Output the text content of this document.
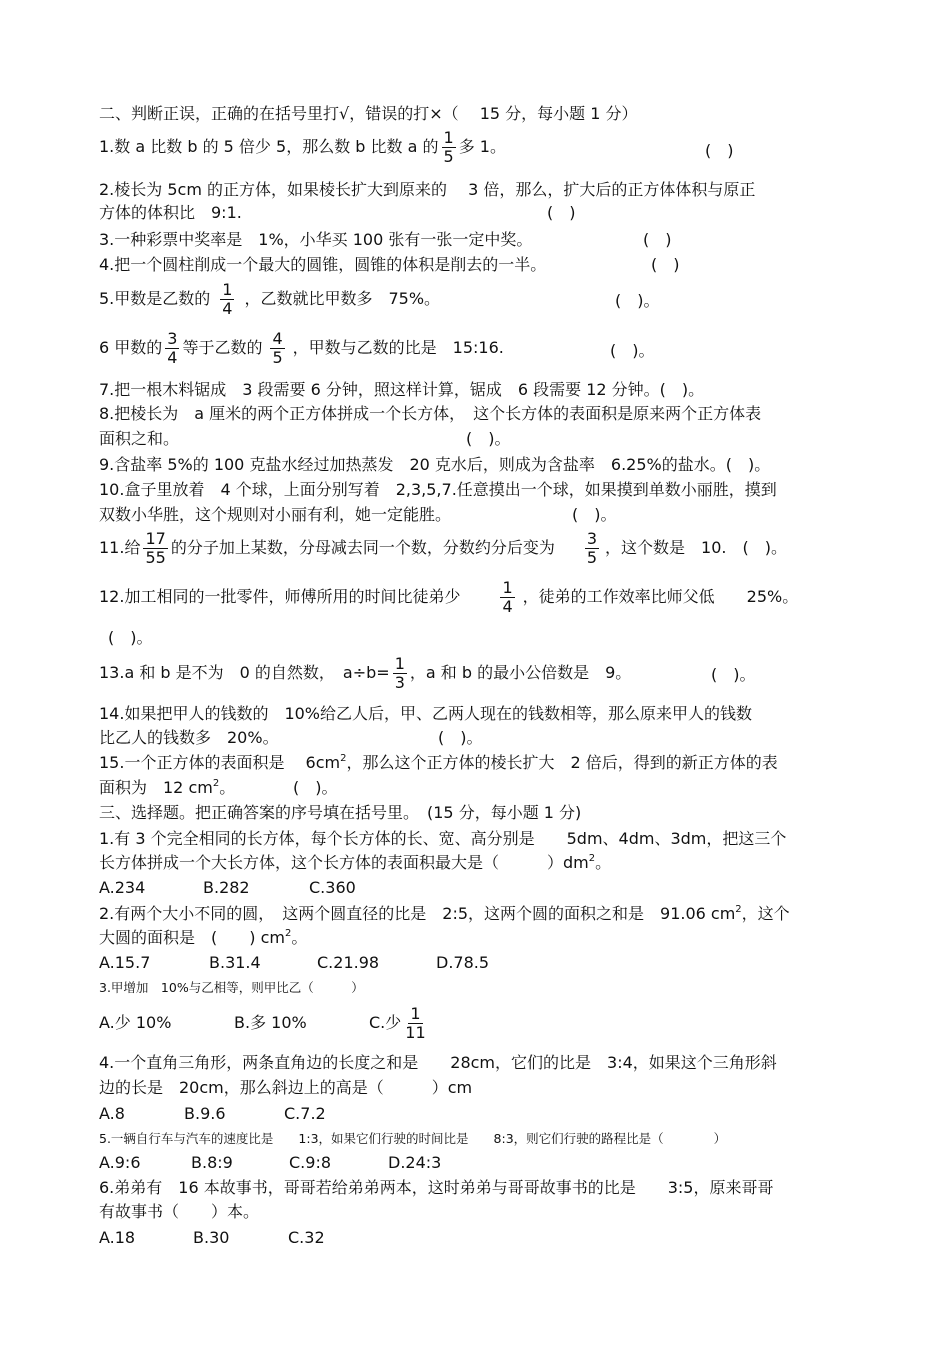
二、判断正误，正确的在括号里打√，错误的打×（　 15 分，每小题 1 分）
1.数 a 比数 b 的 5 倍少 5，那么数 b 比数 a 的 $\frac{1}{5}$ 多 1。	(　)
2.棱长为 5cm 的正方体，如果棱长扩大到原来的　 3 倍，那么，扩大后的正方体体积与原正
方体的体积比　9:1.	(　)
3.一种彩票中奖率是　1%，小华买 100 张有一张一定中奖。	(　)
4.把一个圆柱削成一个最大的圆锥，圆锥的体积是削去的一半。	(　)
5.甲数是乙数的 $\frac{1}{4}$ ，乙数就比甲数多　75%。	(　)。
6 甲数的 $\frac{3}{4}$ 等于乙数的 $\frac{4}{5}$ ，甲数与乙数的比是　15:16.	(　)。
7.把一根木料锯成　3 段需要 6 分钟，照这样计算，锯成　6 段需要 12 分钟。(　)。
8.把棱长为　a 厘米的两个正方体拼成一个长方体，　这个长方体的表面积是原来两个正方体表
面积之和。	(　)。
9.含盐率 5%的 100 克盐水经过加热蒸发　20 克水后，则成为含盐率　6.25%的盐水。(　)。
10.盒子里放着　4 个球，上面分别写着　2,3,5,7.任意摸出一个球，如果摸到单数小丽胜，摸到
双数小华胜，这个规则对小丽有利，她一定能胜。	(　)。
11.给 $\frac{17}{55}$ 的分子加上某数，分母减去同一个数，分数约分后变为 $\frac{3}{5}$ ，这个数是　10.　(　)。
12.加工相同的一批零件，师傅所用的时间比徒弟少	$\frac{1}{4}$ ，徒弟的工作效率比师父低　　25%。
(　)。
13.a 和 b 是不为　0 的自然数，　$a\div b= \frac{1}{3}$ ，a 和 b 的最小公倍数是　9。	(　)。
14.如果把甲人的钱数的　10%给乙人后，甲、乙两人现在的钱数相等，那么原来甲人的钱数
比乙人的钱数多　20%。	(　)。
15.一个正方体的表面积是　 $6cm^2$，那么这个正方体的棱长扩大　2 倍后，得到的新正方体的表
面积为　12 $cm^2$。	(　)。
三、选择题。把正确答案的序号填在括号里。　(15 分，每小题 1 分)
1.有 3 个完全相同的长方体，每个长方体的长、宽、高分别是　　5dm、4dm、3dm，把这三个
长方体拼成一个大长方体，这个长方体的表面积最大是（　　　）$dm^2$。
A.234	B.282	C.360
2.有两个大小不同的圆，　这两个圆直径的比是　2:5，这两个圆的面积之和是　91.06 $cm^2$，这个
大圆的面积是　(　　) $cm^2$。
A.15.7	B.31.4	C.21.98	D.78.5
3.甲增加　10%与乙相等，则甲比乙（　　　）
A.少 10%	B.多 10%	C.少 $\frac{1}{11}$
4.一个直角三角形，两条直角边的长度之和是　　28cm，它们的比是　3:4，如果这个三角形斜
边的长是　20cm，那么斜边上的高是（　　　）cm
A.8	B.9.6	C.7.2
5.一辆自行车与汽车的速度比是　　1:3，如果它们行驶的时间比是　　8:3，则它们行驶的路程比是（　　　　）
A.9:6	B.8:9	C.9:8	D.24:3
6.弟弟有　16 本故事书，哥哥若给弟弟两本，这时弟弟与哥哥故事书的比是　　3:5，原来哥哥
有故事书（　　）本。
A.18	B.30	C.32
